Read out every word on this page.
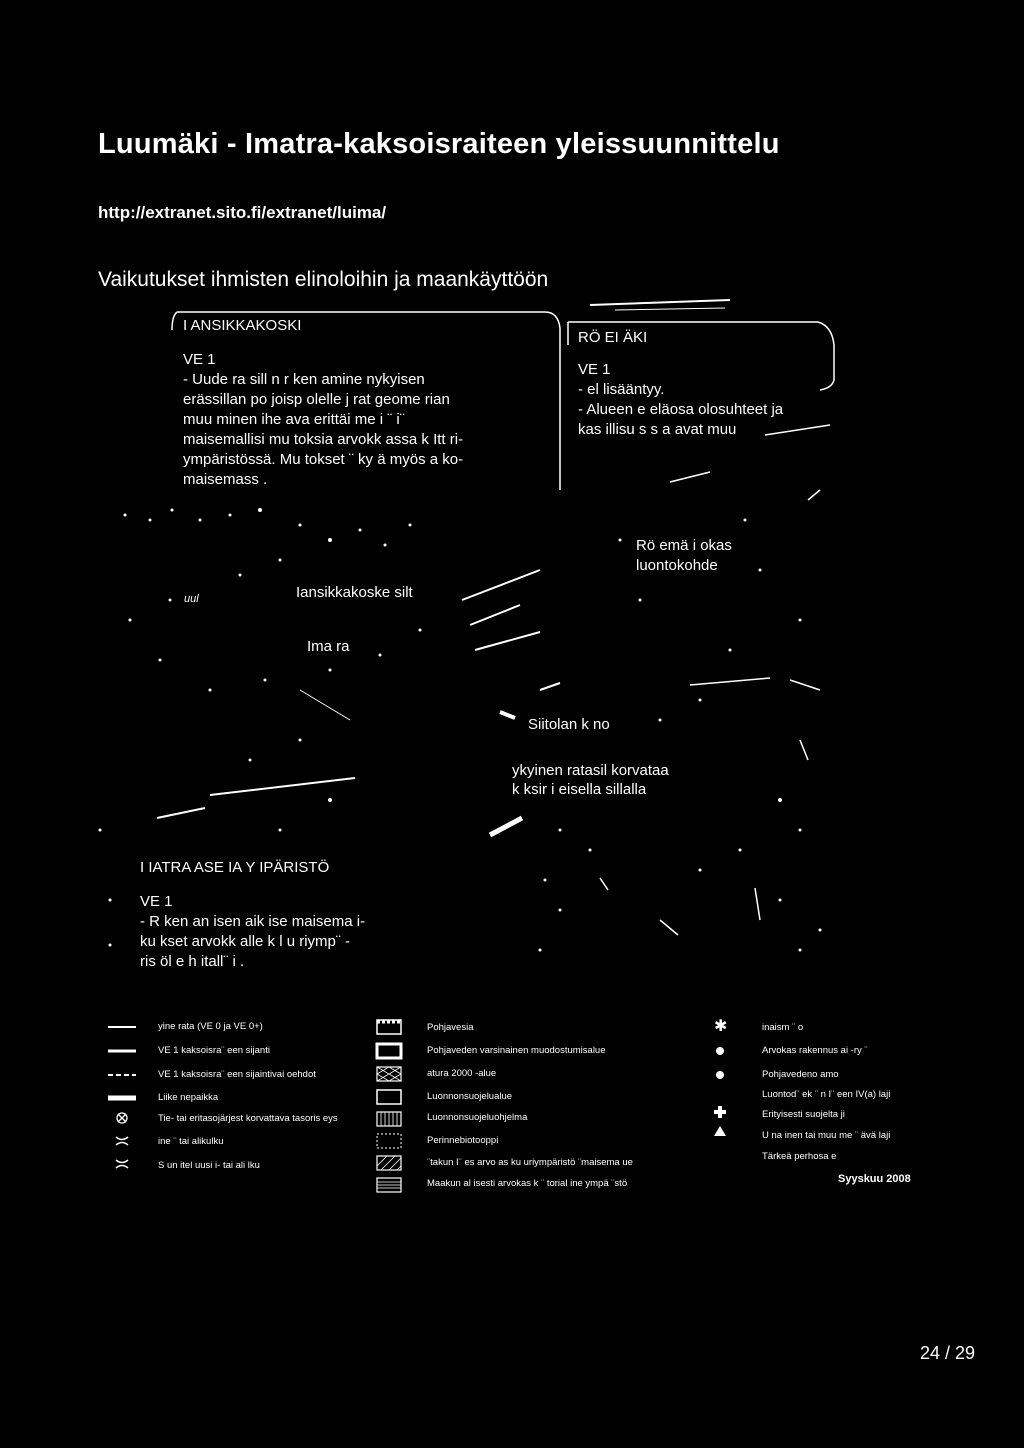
Luumäki - Imatra-kaksoisraiteen yleissuunnittelu
http://extranet.sito.fi/extranet/luima/
Vaikutukset ihmisten elinoloihin ja maankäyttöön
I ANSIKKAKOSKI
VE 1
- Uude ra sill n r ken amine nykyisen
erässillan po joisp olelle j rat geome rian
muu minen ihe ava erittäi me i ¨ i¨
maisemallisi mu toksia arvokk assa k Itt ri-
ympäristössä. Mu tokset ¨ ky ä myös a ko-
maisemass .
RÖ EI ÄKI
VE 1
- el lisääntyy.
- Alueen e eläosa olosuhteet ja
kas illisu s s a avat muu
Rö emä i okas
luontokohde
Iansikkakoske silt
Ima ra
uul
Siitolan k no
ykyinen ratasil korvataa
k ksir i eisella sillalla
I IATRA ASE IA Y IPÄRISTÖ
VE 1
- R ken an isen aik ise maisema i-
ku kset arvokk alle k l u riymp¨ -
ris öl e h itall¨ i .
✱
yine rata (VE 0 ja VE 0+)
VE 1 kaksoisra¨ een sijanti
VE 1 kaksoisra¨ een sijaintivai oehdot
Liike nepaikka
Tie- tai eritasojärjest korvattava tasoris eys
ine ¨ tai alikulku
S un itel uusi i- tai ali lku
Pohjavesia
Pohjaveden varsinainen muodostumisalue
atura 2000 -alue
Luonnonsuojelualue
Luonnonsuojeluohjelma
Perinnebiotooppi
¨takun I¨ es arvo as ku uriympäristö ¨maisema ue
Maakun al isesti arvokas k ¨ torial ine ympä ¨stö
inaism ¨ o
Arvokas rakennus ai -ry ¨
Pohjavedeno amo
Luontod¨ ek ¨ n I¨ een IV(a) laji
Erityisesti suojelta ji
U na inen tai muu me ¨ ävä laji
Tärkeä perhosa e
Syyskuu 2008
24 / 29
